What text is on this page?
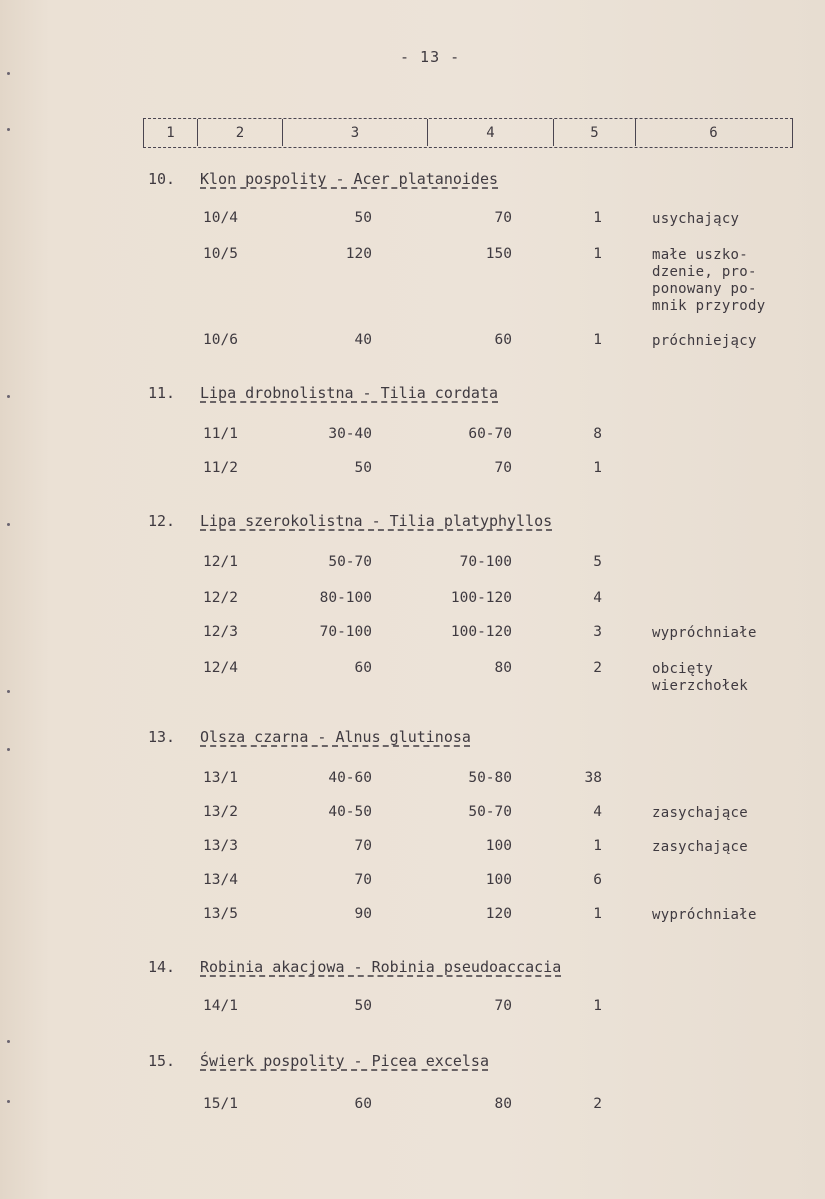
- 13 -
1	2	3	4	5	6
10. Klon pospolity - Acer platanoides
10/4	50	70	1	usychający
10/5	120	150	1	małe uszko-
dzenie, pro-
ponowany po-
mnik przyrody
10/6	40	60	1	próchniejący
11. Lipa drobnolistna - Tilia cordata
11/1	30-40	60-70	8
11/2	50	70	1
12. Lipa szerokolistna - Tilia platyphyllos
12/1	50-70	70-100	5
12/2	80-100	100-120	4
12/3	70-100	100-120	3	wypróchniałe
12/4	60	80	2	obcięty
wierzchołek
13. Olsza czarna - Alnus glutinosa
13/1	40-60	50-80	38
13/2	40-50	50-70	4	zasychające
13/3	70	100	1	zasychające
13/4	70	100	6
13/5	90	120	1	wypróchniałe
14. Robinia akacjowa - Robinia pseudoaccacia
14/1	50	70	1
15. Świerk pospolity - Picea excelsa
15/1	60	80	2
